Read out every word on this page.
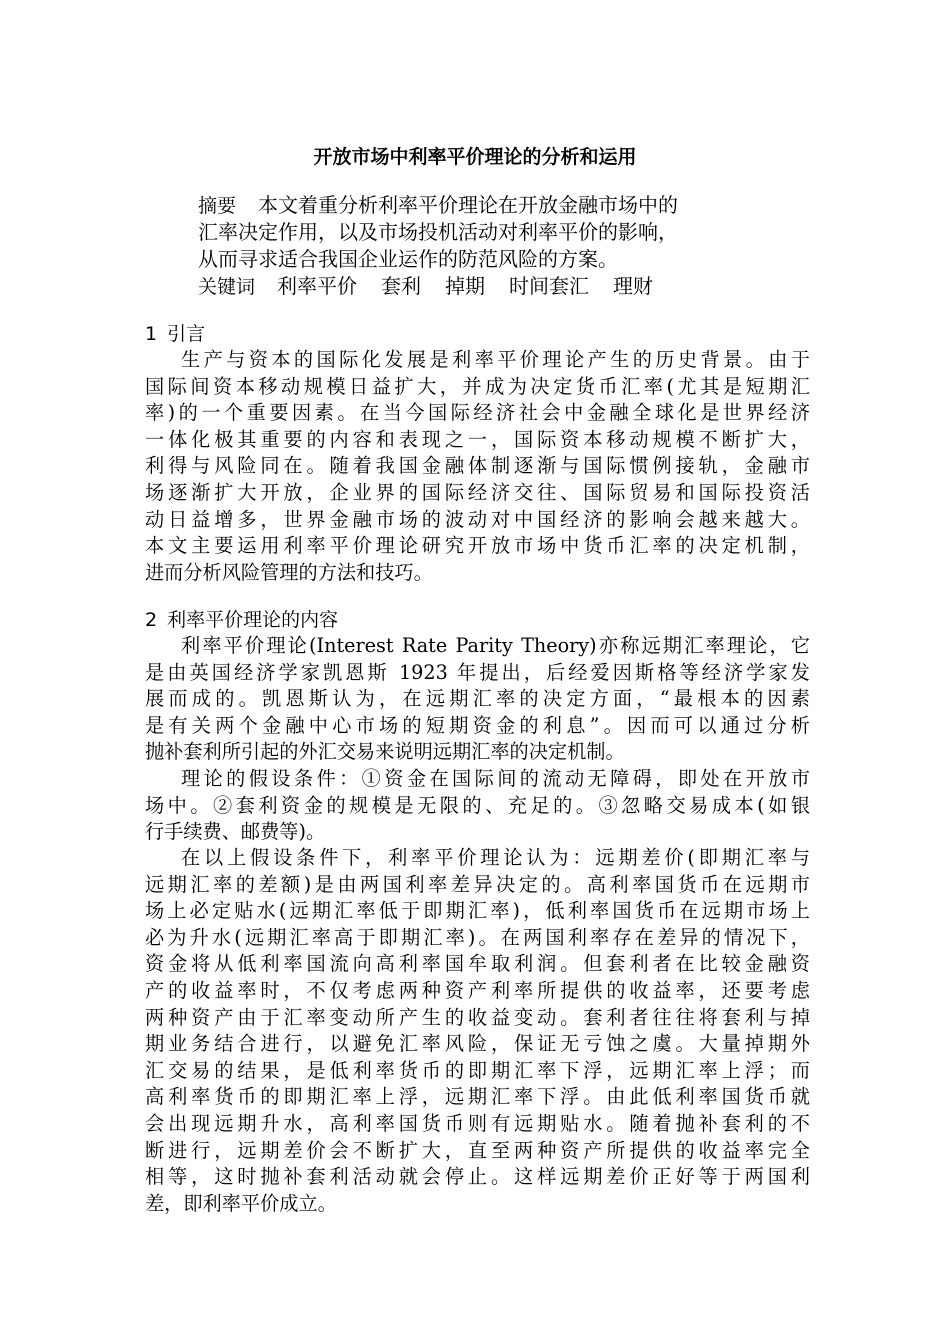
开放市场中利率平价理论的分析和运用
摘要 本文着重分析利率平价理论在开放金融市场中的
汇率决定作用，以及市场投机活动对利率平价的影响，
从而寻求适合我国企业运作的防范风险的方案。
关键词 利率平价 套利 掉期 时间套汇 理财
1 引言
生产与资本的国际化发展是利率平价理论产生的历史背景。由于
国际间资本移动规模日益扩大，并成为决定货币汇率(尤其是短期汇
率)的一个重要因素。在当今国际经济社会中金融全球化是世界经济
一体化极其重要的内容和表现之一，国际资本移动规模不断扩大，
利得与风险同在。随着我国金融体制逐渐与国际惯例接轨，金融市
场逐渐扩大开放，企业界的国际经济交往、国际贸易和国际投资活
动日益增多，世界金融市场的波动对中国经济的影响会越来越大。
本文主要运用利率平价理论研究开放市场中货币汇率的决定机制，
进而分析风险管理的方法和技巧。
2 利率平价理论的内容
利率平价理论(Interest Rate Parity Theory)亦称远期汇率理论，它
是由英国经济学家凯恩斯 1923 年提出，后经爱因斯格等经济学家发
展而成的。凯恩斯认为，在远期汇率的决定方面，“最根本的因素
是有关两个金融中心市场的短期资金的利息”。因而可以通过分析
抛补套利所引起的外汇交易来说明远期汇率的决定机制。
理论的假设条件：①资金在国际间的流动无障碍，即处在开放市
场中。②套利资金的规模是无限的、充足的。③忽略交易成本(如银
行手续费、邮费等)。
在以上假设条件下，利率平价理论认为：远期差价(即期汇率与
远期汇率的差额)是由两国利率差异决定的。高利率国货币在远期市
场上必定贴水(远期汇率低于即期汇率)，低利率国货币在远期市场上
必为升水(远期汇率高于即期汇率)。在两国利率存在差异的情况下，
资金将从低利率国流向高利率国牟取利润。但套利者在比较金融资
产的收益率时，不仅考虑两种资产利率所提供的收益率，还要考虑
两种资产由于汇率变动所产生的收益变动。套利者往往将套利与掉
期业务结合进行，以避免汇率风险，保证无亏蚀之虞。大量掉期外
汇交易的结果，是低利率货币的即期汇率下浮，远期汇率上浮；而
高利率货币的即期汇率上浮，远期汇率下浮。由此低利率国货币就
会出现远期升水，高利率国货币则有远期贴水。随着抛补套利的不
断进行，远期差价会不断扩大，直至两种资产所提供的收益率完全
相等，这时抛补套利活动就会停止。这样远期差价正好等于两国利
差，即利率平价成立。
